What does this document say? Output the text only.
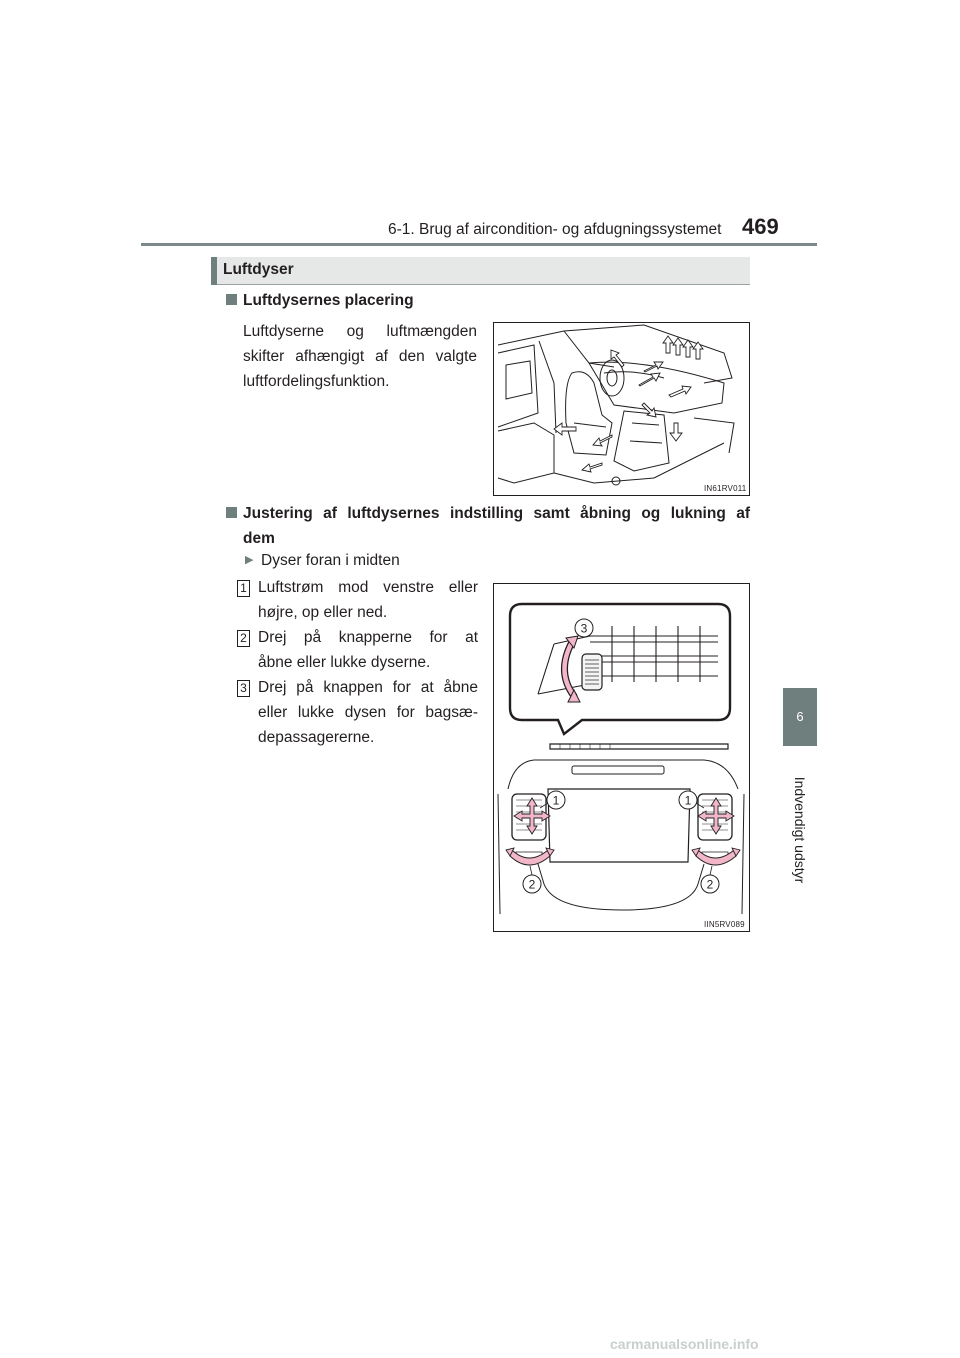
6-1. Brug af aircondition- og afdugningssystemet 469
6
Indvendigt udstyr
Luftdyser
Luftdysernes placering
Luftdyserne og luftmængden skifter afhængigt af den valgte luftfordelingsfunktion.
IN61RV011
Justering af luftdysernes indstilling samt åbning og lukning af
dem
▶ Dyser foran i midten
1 Luftstrøm mod venstre eller
højre, op eller ned.
2 Drej på knapperne for at
åbne eller lukke dyserne.
3 Drej på knappen for at åbne
eller lukke dysen for bagsæ-
depassagererne.
3
1	1
2	2
IIN5RV089
carmanualsonline.info
